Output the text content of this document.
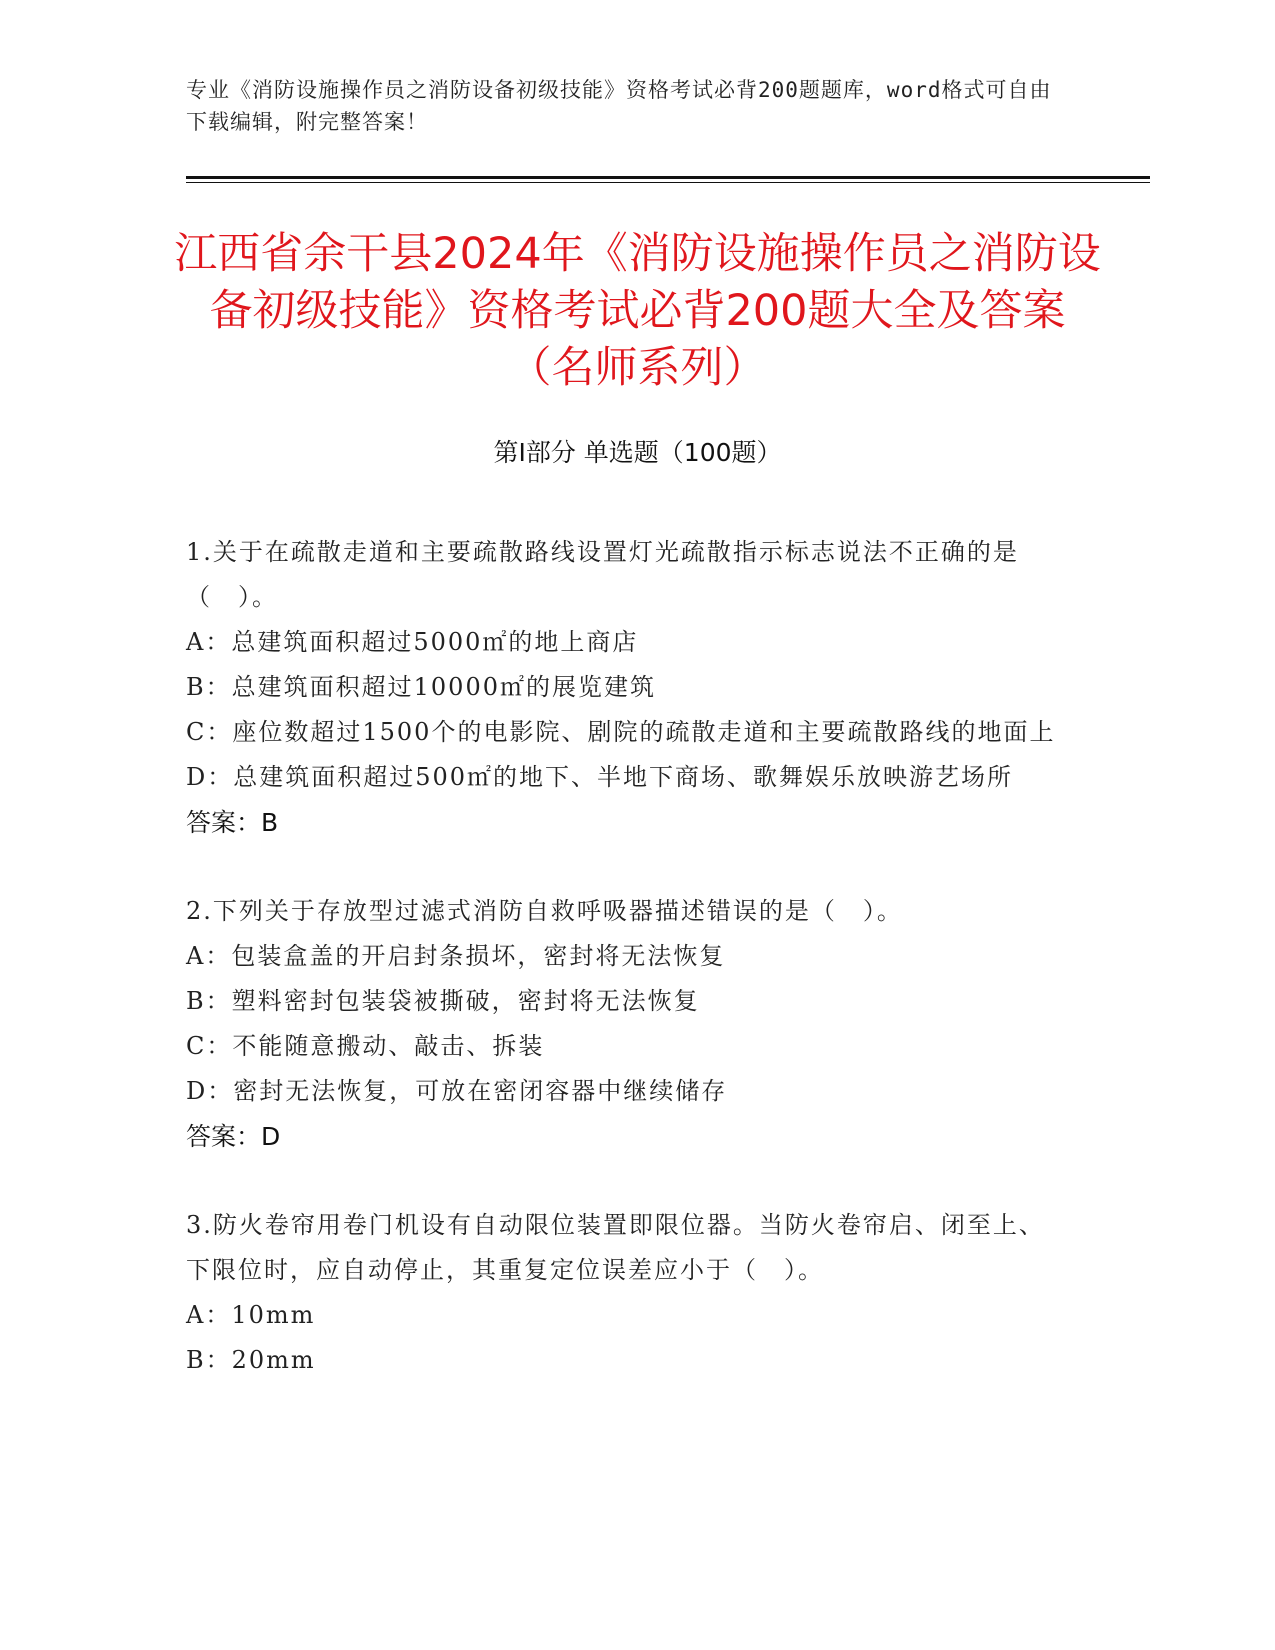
专业《消防设施操作员之消防设备初级技能》资格考试必背200题题库，word格式可自由下载编辑，附完整答案！
江西省余干县2024年《消防设施操作员之消防设备初级技能》资格考试必背200题大全及答案（名师系列）
第Ⅰ部分 单选题（100题）

1.关于在疏散走道和主要疏散路线设置灯光疏散指示标志说法不正确的是（　）。

A：总建筑面积超过5000㎡的地上商店

B：总建筑面积超过10000㎡的展览建筑

C：座位数超过1500个的电影院、剧院的疏散走道和主要疏散路线的地面上

D：总建筑面积超过500㎡的地下、半地下商场、歌舞娱乐放映游艺场所

答案：B

2.下列关于存放型过滤式消防自救呼吸器描述错误的是（　）。

A：包装盒盖的开启封条损坏，密封将无法恢复

B：塑料密封包装袋被撕破，密封将无法恢复

C：不能随意搬动、敲击、拆装

D：密封无法恢复，可放在密闭容器中继续储存

答案：D

3.防火卷帘用卷门机设有自动限位装置即限位器。当防火卷帘启、闭至上、下限位时，应自动停止，其重复定位误差应小于（　）。

A：10mm

B：20mm
